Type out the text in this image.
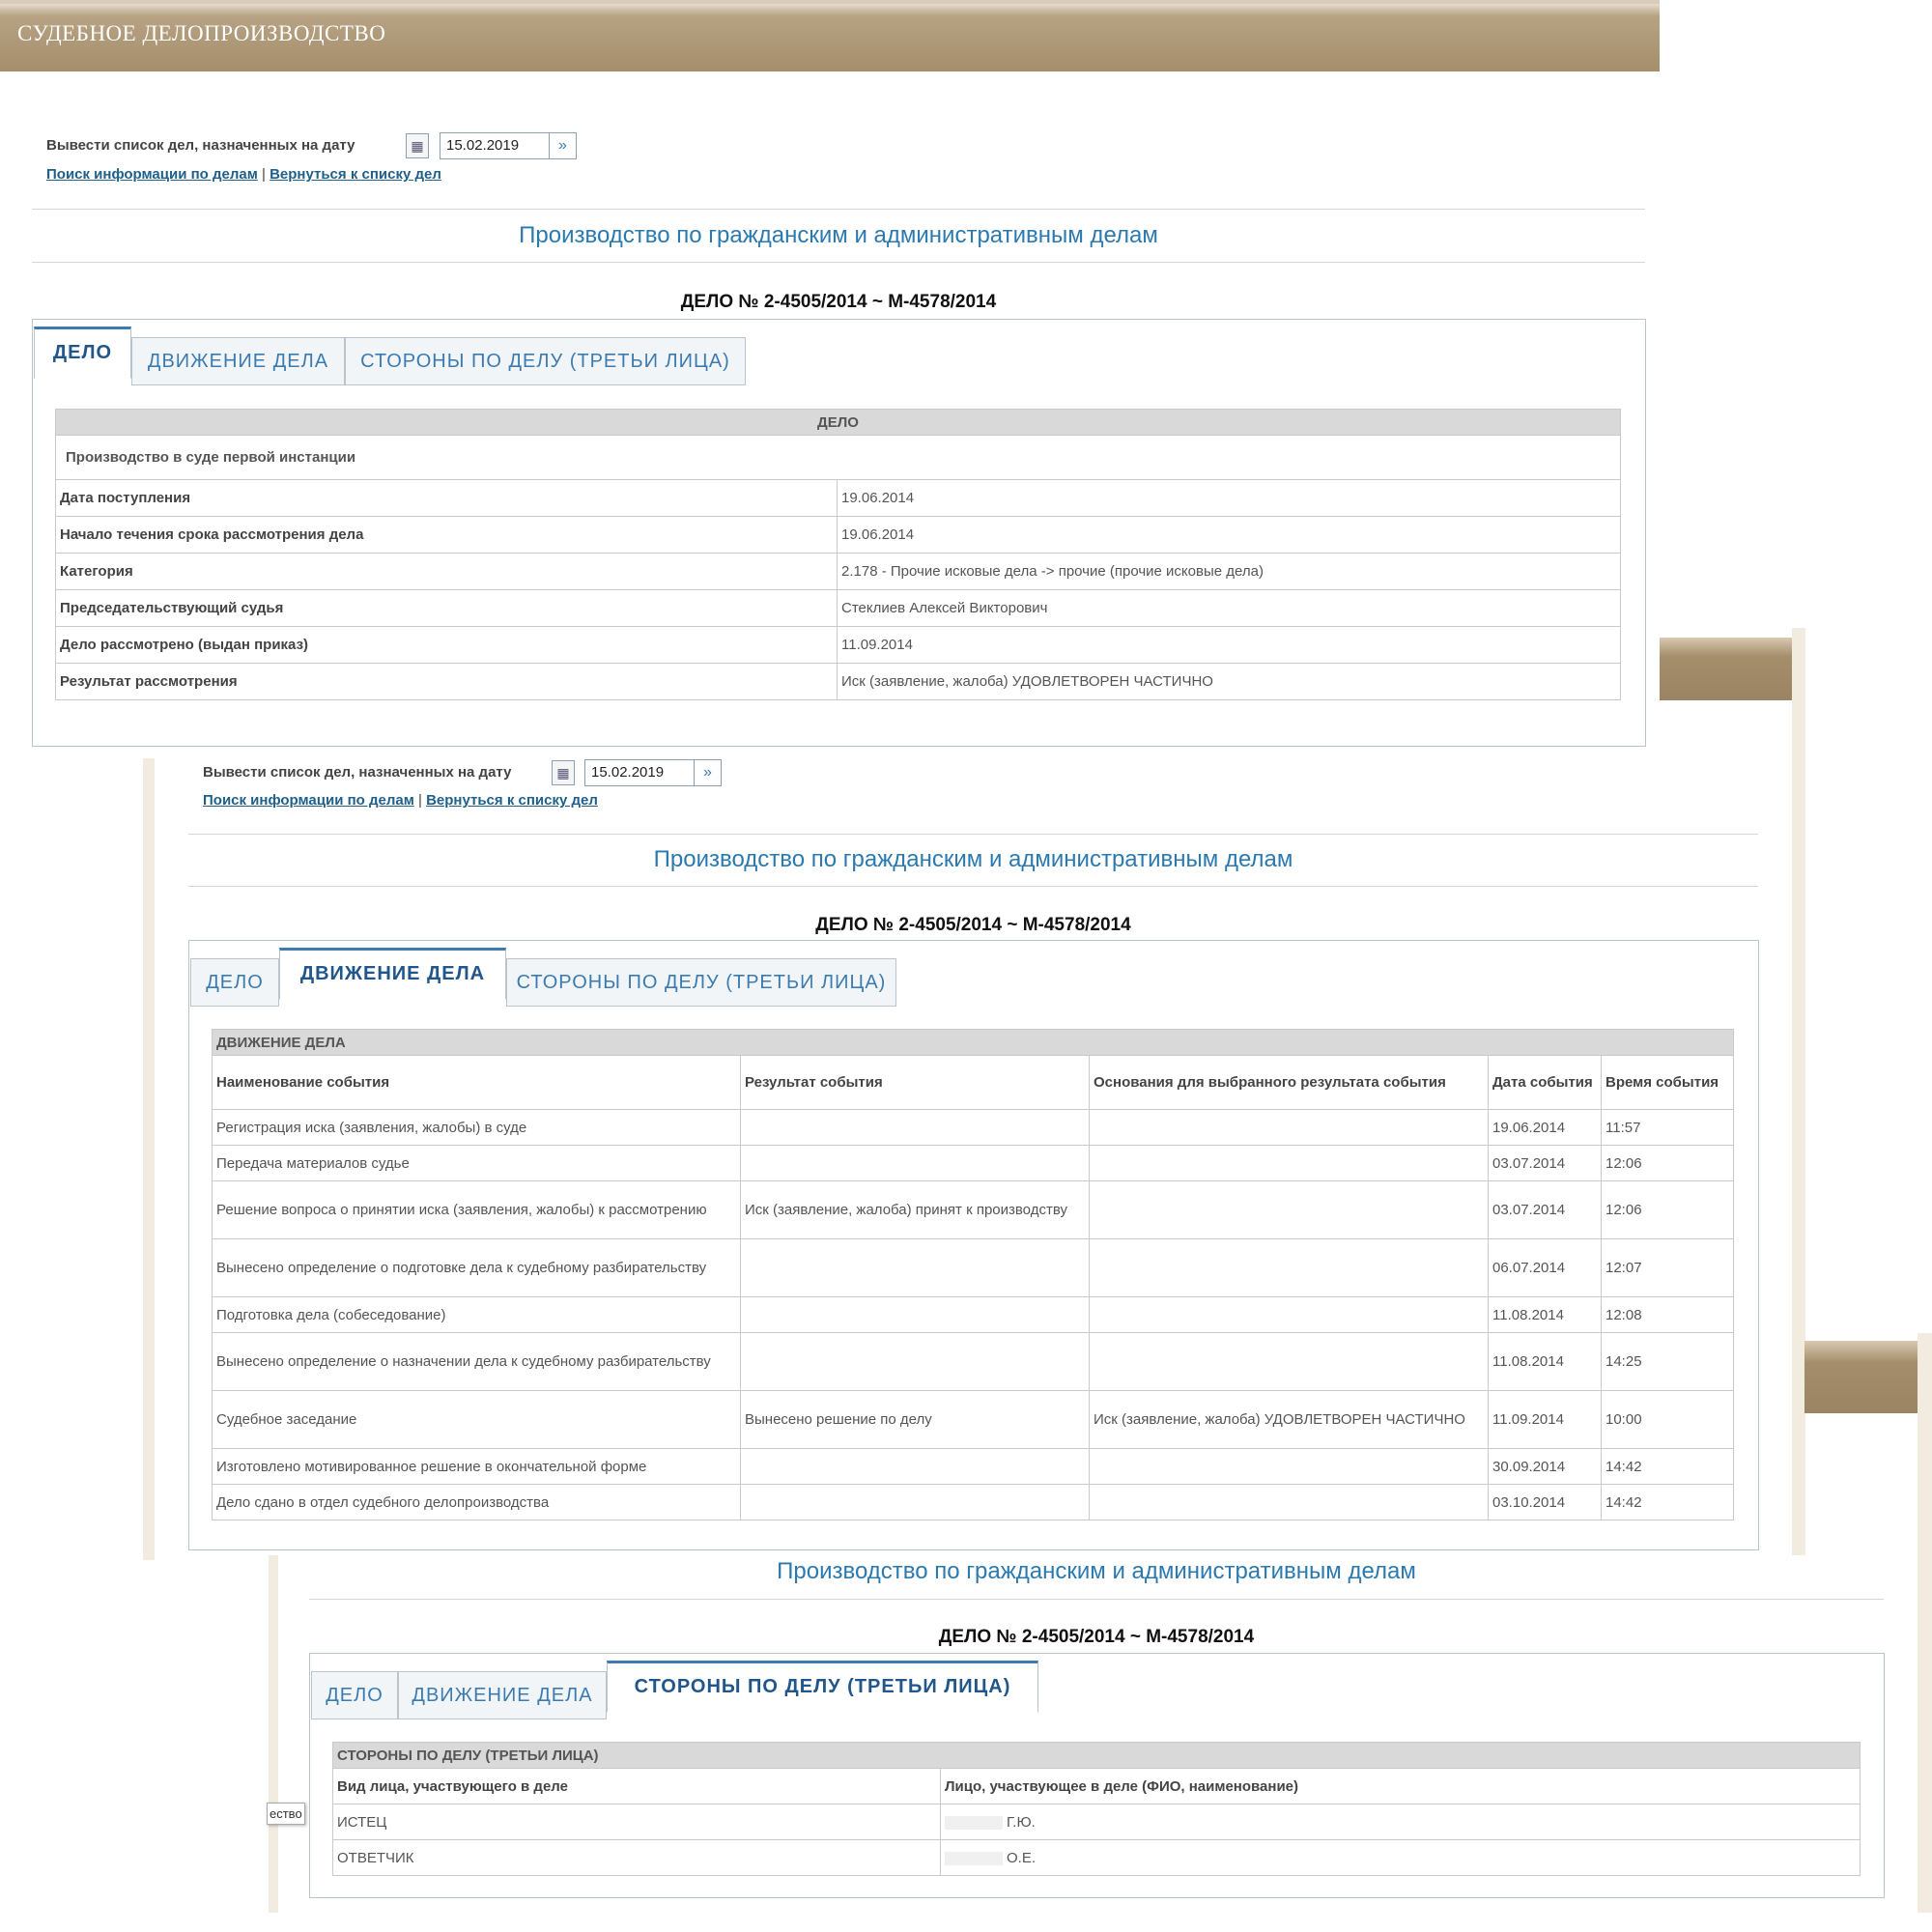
СУДЕБНОЕ ДЕЛОПРОИЗВОДСТВО
Вывести список дел, назначенных на дату	▦	15.02.2019	»
Поиск информации по делам | Вернуться к списку дел
Производство по гражданским и административным делам
ДЕЛО № 2-4505/2014 ~ М-4578/2014
ДЕЛО	ДВИЖЕНИЕ ДЕЛА	СТОРОНЫ ПО ДЕЛУ (ТРЕТЬИ ЛИЦА)
ДЕЛО	
Производство в суде первой инстанции	
Дата поступления	19.06.2014
Начало течения срока рассмотрения дела	19.06.2014
Категория	2.178 - Прочие исковые дела -> прочие (прочие исковые дела)
Председательствующий судья	Стеклиев Алексей Викторович
Дело рассмотрено (выдан приказ)	11.09.2014
Результат рассмотрения	Иск (заявление, жалоба) УДОВЛЕТВОРЕН ЧАСТИЧНО
Вывести список дел, назначенных на дату	▦	15.02.2019	»
Поиск информации по делам | Вернуться к списку дел
Производство по гражданским и административным делам
ДЕЛО № 2-4505/2014 ~ М-4578/2014
ДЕЛО	ДВИЖЕНИЕ ДЕЛА	СТОРОНЫ ПО ДЕЛУ (ТРЕТЬИ ЛИЦА)
ДВИЖЕНИЕ ДЕЛА				
Наименование события	Результат события	Основания для выбранного результата события	Дата события	Время события
Регистрация иска (заявления, жалобы) в суде			19.06.2014	11:57
Передача материалов судье			03.07.2014	12:06
Решение вопроса о принятии иска (заявления, жалобы) к рассмотрению	Иск (заявление, жалоба) принят к производству		03.07.2014	12:06
Вынесено определение о подготовке дела к судебному разбирательству			06.07.2014	12:07
Подготовка дела (собеседование)			11.08.2014	12:08
Вынесено определение о назначении дела к судебному разбирательству			11.08.2014	14:25
Судебное заседание	Вынесено решение по делу	Иск (заявление, жалоба) УДОВЛЕТВОРЕН ЧАСТИЧНО	11.09.2014	10:00
Изготовлено мотивированное решение в окончательной форме			30.09.2014	14:42
Дело сдано в отдел судебного делопроизводства			03.10.2014	14:42
Производство по гражданским и административным делам
ДЕЛО № 2-4505/2014 ~ М-4578/2014
ДЕЛО	ДВИЖЕНИЕ ДЕЛА	СТОРОНЫ ПО ДЕЛУ (ТРЕТЬИ ЛИЦА)
ество
СТОРОНЫ ПО ДЕЛУ (ТРЕТЬИ ЛИЦА)	
Вид лица, участвующего в деле	Лицо, участвующее в деле (ФИО, наименование)
ИСТЕЦ	Г.Ю.
ОТВЕТЧИК	О.Е.
